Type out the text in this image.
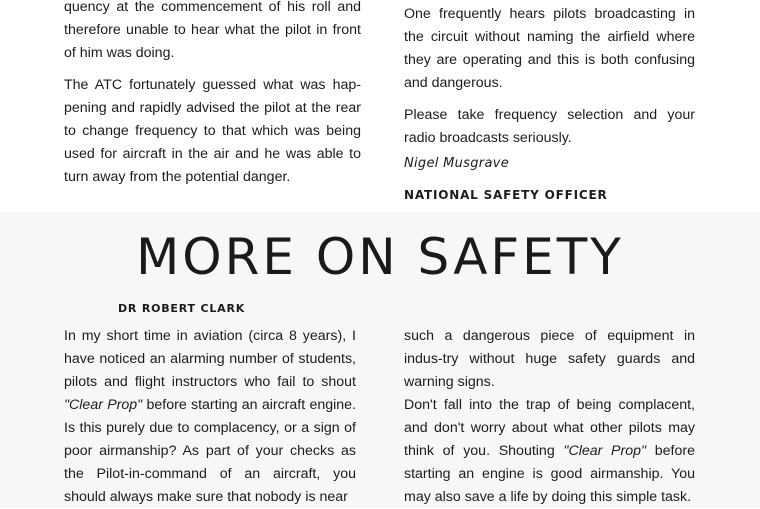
quency at the commencement of his roll and therefore unable to hear what the pilot in front of him was doing.

The ATC fortunately guessed what was hap-pening and rapidly advised the pilot at the rear to change frequency to that which was being used for aircraft in the air and he was able to turn away from the potential danger.

One frequently hears pilots broadcasting in the circuit without naming the airfield where they are operating and this is both confusing and dangerous.

Please take frequency selection and your radio broadcasts seriously.

Nigel Musgrave
NATIONAL SAFETY OFFICER
MORE ON SAFETY
DR ROBERT CLARK

In my short time in aviation (circa 8 years), I have noticed an alarming number of students, pilots and flight instructors who fail to shout "Clear Prop" before starting an aircraft engine. Is this purely due to complacency, or a sign of poor airmanship? As part of your checks as the Pilot-in-command of an aircraft, you should always make sure that nobody is near

such a dangerous piece of equipment in indus-try without huge safety guards and warning signs.

Don't fall into the trap of being complacent, and don't worry about what other pilots may think of you. Shouting "Clear Prop" before starting an engine is good airmanship. You may also save a life by doing this simple task.
